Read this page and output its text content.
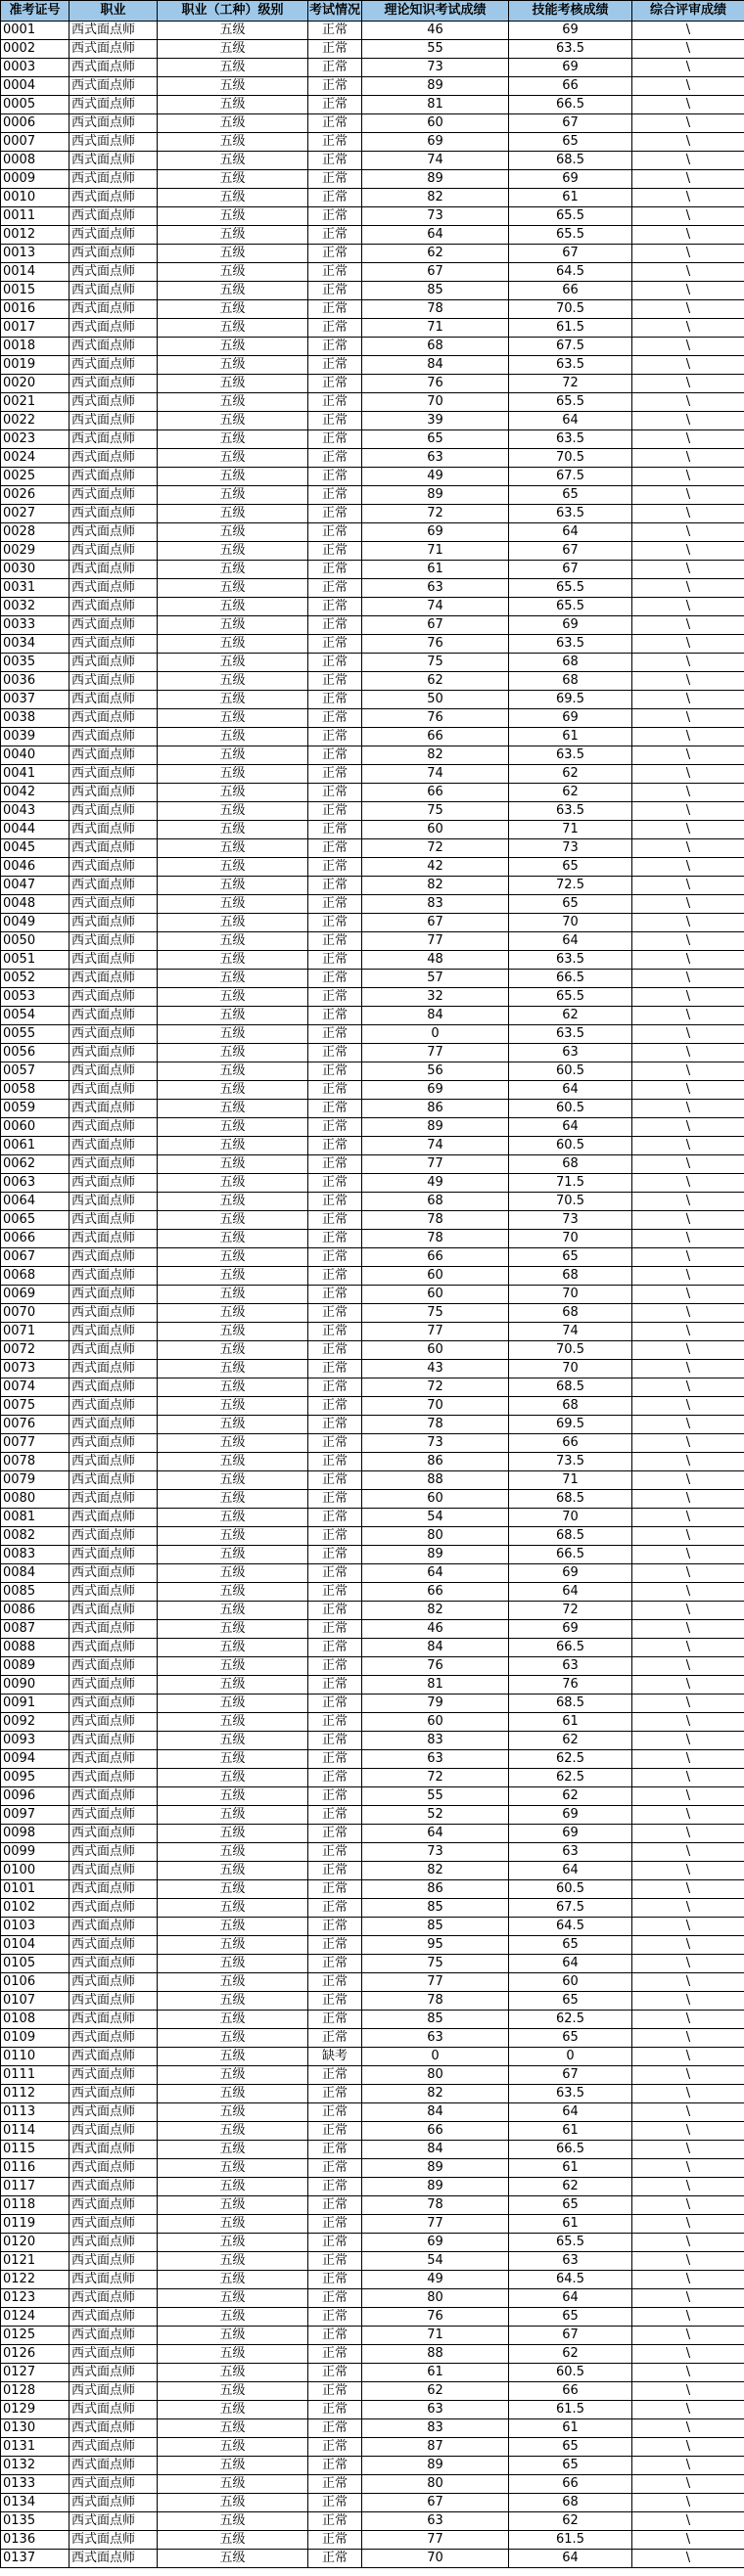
准考证号	职业	职业（工种）级别	考试情况	理论知识考试成绩	技能考核成绩	综合评审成绩
0001	西式面点师	五级	正常	46	69	\
0002	西式面点师	五级	正常	55	63.5	\
0003	西式面点师	五级	正常	73	69	\
0004	西式面点师	五级	正常	89	66	\
0005	西式面点师	五级	正常	81	66.5	\
0006	西式面点师	五级	正常	60	67	\
0007	西式面点师	五级	正常	69	65	\
0008	西式面点师	五级	正常	74	68.5	\
0009	西式面点师	五级	正常	89	69	\
0010	西式面点师	五级	正常	82	61	\
0011	西式面点师	五级	正常	73	65.5	\
0012	西式面点师	五级	正常	64	65.5	\
0013	西式面点师	五级	正常	62	67	\
0014	西式面点师	五级	正常	67	64.5	\
0015	西式面点师	五级	正常	85	66	\
0016	西式面点师	五级	正常	78	70.5	\
0017	西式面点师	五级	正常	71	61.5	\
0018	西式面点师	五级	正常	68	67.5	\
0019	西式面点师	五级	正常	84	63.5	\
0020	西式面点师	五级	正常	76	72	\
0021	西式面点师	五级	正常	70	65.5	\
0022	西式面点师	五级	正常	39	64	\
0023	西式面点师	五级	正常	65	63.5	\
0024	西式面点师	五级	正常	63	70.5	\
0025	西式面点师	五级	正常	49	67.5	\
0026	西式面点师	五级	正常	89	65	\
0027	西式面点师	五级	正常	72	63.5	\
0028	西式面点师	五级	正常	69	64	\
0029	西式面点师	五级	正常	71	67	\
0030	西式面点师	五级	正常	61	67	\
0031	西式面点师	五级	正常	63	65.5	\
0032	西式面点师	五级	正常	74	65.5	\
0033	西式面点师	五级	正常	67	69	\
0034	西式面点师	五级	正常	76	63.5	\
0035	西式面点师	五级	正常	75	68	\
0036	西式面点师	五级	正常	62	68	\
0037	西式面点师	五级	正常	50	69.5	\
0038	西式面点师	五级	正常	76	69	\
0039	西式面点师	五级	正常	66	61	\
0040	西式面点师	五级	正常	82	63.5	\
0041	西式面点师	五级	正常	74	62	\
0042	西式面点师	五级	正常	66	62	\
0043	西式面点师	五级	正常	75	63.5	\
0044	西式面点师	五级	正常	60	71	\
0045	西式面点师	五级	正常	72	73	\
0046	西式面点师	五级	正常	42	65	\
0047	西式面点师	五级	正常	82	72.5	\
0048	西式面点师	五级	正常	83	65	\
0049	西式面点师	五级	正常	67	70	\
0050	西式面点师	五级	正常	77	64	\
0051	西式面点师	五级	正常	48	63.5	\
0052	西式面点师	五级	正常	57	66.5	\
0053	西式面点师	五级	正常	32	65.5	\
0054	西式面点师	五级	正常	84	62	\
0055	西式面点师	五级	正常	0	63.5	\
0056	西式面点师	五级	正常	77	63	\
0057	西式面点师	五级	正常	56	60.5	\
0058	西式面点师	五级	正常	69	64	\
0059	西式面点师	五级	正常	86	60.5	\
0060	西式面点师	五级	正常	89	64	\
0061	西式面点师	五级	正常	74	60.5	\
0062	西式面点师	五级	正常	77	68	\
0063	西式面点师	五级	正常	49	71.5	\
0064	西式面点师	五级	正常	68	70.5	\
0065	西式面点师	五级	正常	78	73	\
0066	西式面点师	五级	正常	78	70	\
0067	西式面点师	五级	正常	66	65	\
0068	西式面点师	五级	正常	60	68	\
0069	西式面点师	五级	正常	60	70	\
0070	西式面点师	五级	正常	75	68	\
0071	西式面点师	五级	正常	77	74	\
0072	西式面点师	五级	正常	60	70.5	\
0073	西式面点师	五级	正常	43	70	\
0074	西式面点师	五级	正常	72	68.5	\
0075	西式面点师	五级	正常	70	68	\
0076	西式面点师	五级	正常	78	69.5	\
0077	西式面点师	五级	正常	73	66	\
0078	西式面点师	五级	正常	86	73.5	\
0079	西式面点师	五级	正常	88	71	\
0080	西式面点师	五级	正常	60	68.5	\
0081	西式面点师	五级	正常	54	70	\
0082	西式面点师	五级	正常	80	68.5	\
0083	西式面点师	五级	正常	89	66.5	\
0084	西式面点师	五级	正常	64	69	\
0085	西式面点师	五级	正常	66	64	\
0086	西式面点师	五级	正常	82	72	\
0087	西式面点师	五级	正常	46	69	\
0088	西式面点师	五级	正常	84	66.5	\
0089	西式面点师	五级	正常	76	63	\
0090	西式面点师	五级	正常	81	76	\
0091	西式面点师	五级	正常	79	68.5	\
0092	西式面点师	五级	正常	60	61	\
0093	西式面点师	五级	正常	83	62	\
0094	西式面点师	五级	正常	63	62.5	\
0095	西式面点师	五级	正常	72	62.5	\
0096	西式面点师	五级	正常	55	62	\
0097	西式面点师	五级	正常	52	69	\
0098	西式面点师	五级	正常	64	69	\
0099	西式面点师	五级	正常	73	63	\
0100	西式面点师	五级	正常	82	64	\
0101	西式面点师	五级	正常	86	60.5	\
0102	西式面点师	五级	正常	85	67.5	\
0103	西式面点师	五级	正常	85	64.5	\
0104	西式面点师	五级	正常	95	65	\
0105	西式面点师	五级	正常	75	64	\
0106	西式面点师	五级	正常	77	60	\
0107	西式面点师	五级	正常	78	65	\
0108	西式面点师	五级	正常	85	62.5	\
0109	西式面点师	五级	正常	63	65	\
0110	西式面点师	五级	缺考	0	0	\
0111	西式面点师	五级	正常	80	67	\
0112	西式面点师	五级	正常	82	63.5	\
0113	西式面点师	五级	正常	84	64	\
0114	西式面点师	五级	正常	66	61	\
0115	西式面点师	五级	正常	84	66.5	\
0116	西式面点师	五级	正常	89	61	\
0117	西式面点师	五级	正常	89	62	\
0118	西式面点师	五级	正常	78	65	\
0119	西式面点师	五级	正常	77	61	\
0120	西式面点师	五级	正常	69	65.5	\
0121	西式面点师	五级	正常	54	63	\
0122	西式面点师	五级	正常	49	64.5	\
0123	西式面点师	五级	正常	80	64	\
0124	西式面点师	五级	正常	76	65	\
0125	西式面点师	五级	正常	71	67	\
0126	西式面点师	五级	正常	88	62	\
0127	西式面点师	五级	正常	61	60.5	\
0128	西式面点师	五级	正常	62	66	\
0129	西式面点师	五级	正常	63	61.5	\
0130	西式面点师	五级	正常	83	61	\
0131	西式面点师	五级	正常	87	65	\
0132	西式面点师	五级	正常	89	65	\
0133	西式面点师	五级	正常	80	66	\
0134	西式面点师	五级	正常	67	68	\
0135	西式面点师	五级	正常	63	62	\
0136	西式面点师	五级	正常	77	61.5	\
0137	西式面点师	五级	正常	70	64	\
